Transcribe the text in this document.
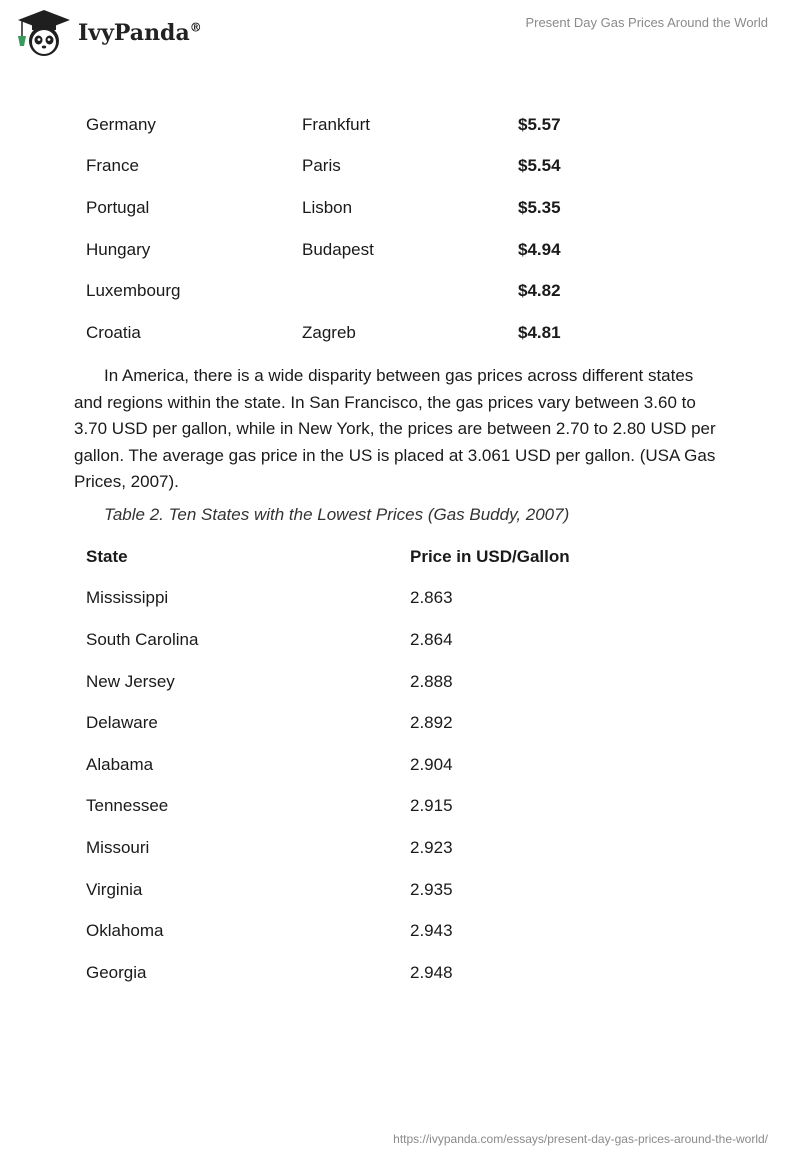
IvyPanda®	Present Day Gas Prices Around the World
Germany	Frankfurt	$5.57
France	Paris	$5.54
Portugal	Lisbon	$5.35
Hungary	Budapest	$4.94
Luxembourg		$4.82
Croatia	Zagreb	$4.81

In America, there is a wide disparity between gas prices across different states and regions within the state. In San Francisco, the gas prices vary between 3.60 to 3.70 USD per gallon, while in New York, the prices are between 2.70 to 2.80 USD per gallon. The average gas price in the US is placed at 3.061 USD per gallon. (USA Gas Prices, 2007).

Table 2. Ten States with the Lowest Prices (Gas Buddy, 2007)
State	Price in USD/Gallon
Mississippi	2.863
South Carolina	2.864
New Jersey	2.888
Delaware	2.892
Alabama	2.904
Tennessee	2.915
Missouri	2.923
Virginia	2.935
Oklahoma	2.943
Georgia	2.948
https://ivypanda.com/essays/present-day-gas-prices-around-the-world/
